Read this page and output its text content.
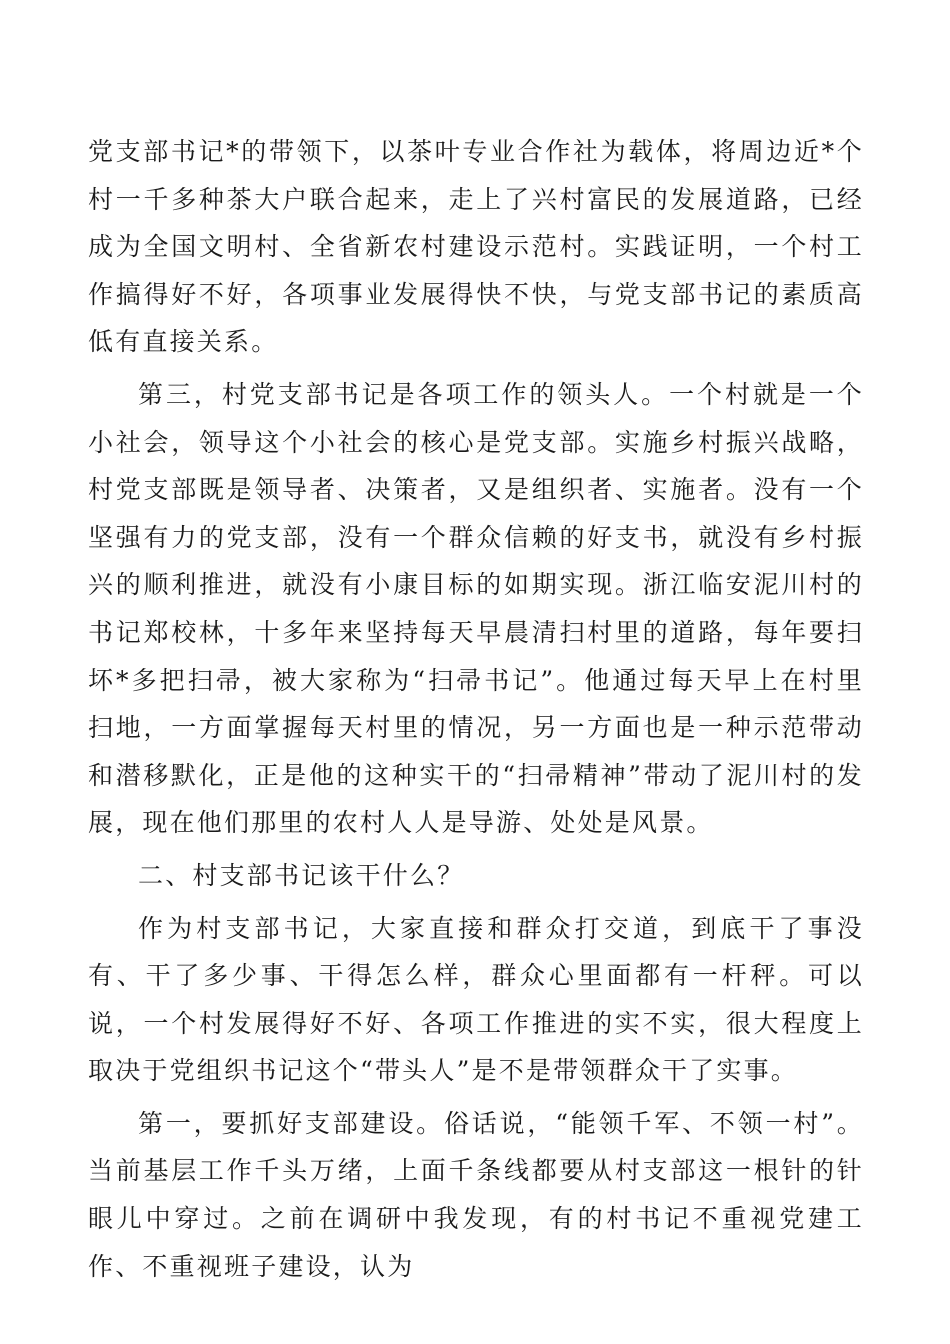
党支部书记*的带领下，以茶叶专业合作社为载体，将周边近*个村一千多种茶大户联合起来，走上了兴村富民的发展道路，已经成为全国文明村、全省新农村建设示范村。实践证明，一个村工作搞得好不好，各项事业发展得快不快，与党支部书记的素质高低有直接关系。

第三，村党支部书记是各项工作的领头人。一个村就是一个小社会，领导这个小社会的核心是党支部。实施乡村振兴战略，村党支部既是领导者、决策者，又是组织者、实施者。没有一个坚强有力的党支部，没有一个群众信赖的好支书，就没有乡村振兴的顺利推进，就没有小康目标的如期实现。浙江临安泥川村的书记郑校林，十多年来坚持每天早晨清扫村里的道路，每年要扫坏*多把扫帚，被大家称为“扫帚书记”。他通过每天早上在村里扫地，一方面掌握每天村里的情况，另一方面也是一种示范带动和潜移默化，正是他的这种实干的“扫帚精神”带动了泥川村的发展，现在他们那里的农村人人是导游、处处是风景。

二、村支部书记该干什么？

作为村支部书记，大家直接和群众打交道，到底干了事没有、干了多少事、干得怎么样，群众心里面都有一杆秤。可以说，一个村发展得好不好、各项工作推进的实不实，很大程度上取决于党组织书记这个“带头人”是不是带领群众干了实事。

第一，要抓好支部建设。俗话说，“能领千军、不领一村”。当前基层工作千头万绪，上面千条线都要从村支部这一根针的针眼儿中穿过。之前在调研中我发现，有的村书记不重视党建工作、不重视班子建设，认为
